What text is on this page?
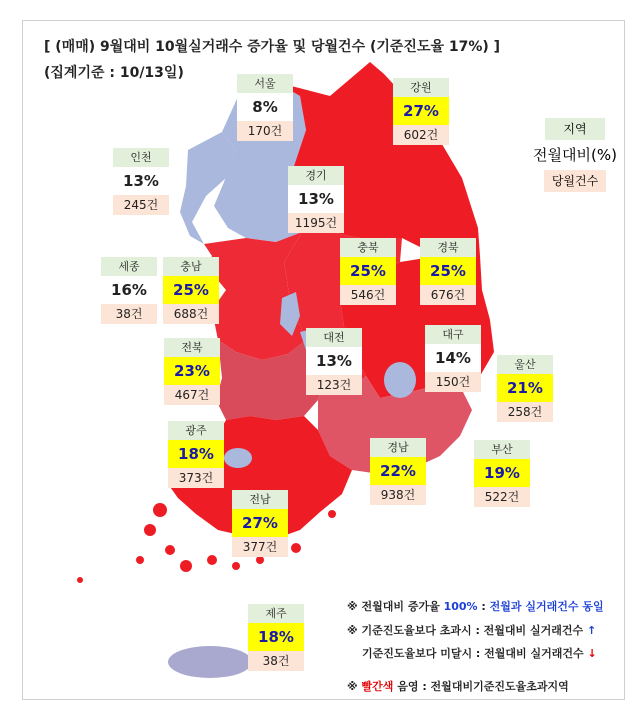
[ (매매) 9월대비 10월실거래수 증가율 및 당월건수 (기준진도율 17%) ]
(집계기준 : 10/13일)
서울
8%
170건
강원
27%
602건
인천
13%
245건
경기
13%
1195건
세종
16%
38건
충남
25%
688건
충북
25%
546건
경북
25%
676건
대전
13%
123건
대구
14%
150건
전북
23%
467건
울산
21%
258건
광주
18%
373건
경남
22%
938건
부산
19%
522건
전남
27%
377건
제주
18%
38건
지역
전월대비(%)
당월건수
※ 전월대비 증가율 100% : 전월과 실거래건수 동일
※ 기준진도율보다 초과시 : 전월대비 실거래건수 ↑
기준진도율보다 미달시 : 전월대비 실거래건수 ↓
※ 빨간색 음영 : 전월대비기준진도율초과지역
